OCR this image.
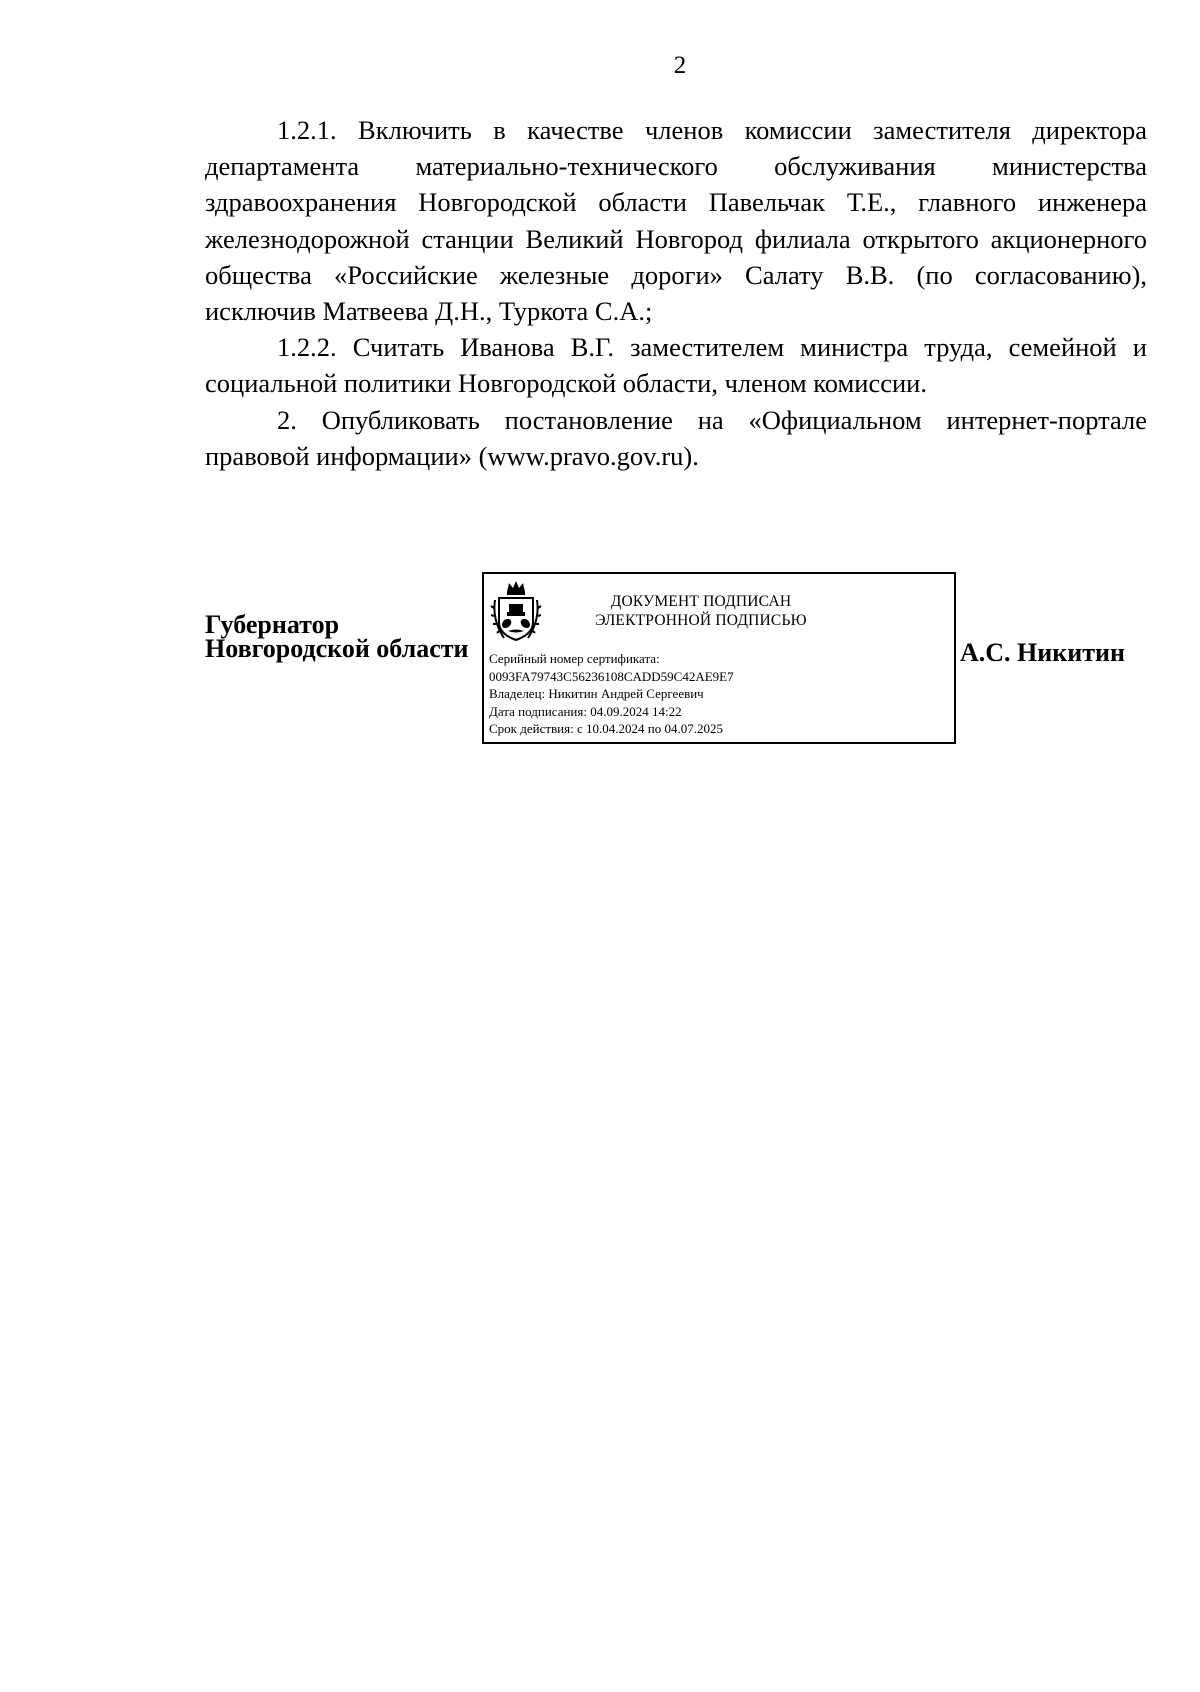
2

1.2.1. Включить в качестве членов комиссии заместителя директора департамента материально-технического обслуживания министерства здравоохранения Новгородской области Павельчак Т.Е., главного инженера железнодорожной станции Великий Новгород филиала открытого акционерного общества «Российские железные дороги» Салату В.В. (по согласованию), исключив Матвеева Д.Н., Туркота С.А.;

1.2.2. Считать Иванова В.Г. заместителем министра труда, семейной и социальной политики Новгородской области, членом комиссии.

2. Опубликовать постановление на «Официальном интернет-портале правовой информации» (www.pravo.gov.ru).

Губернатор
Новгородской области
ДОКУМЕНТ ПОДПИСАН
ЭЛЕКТРОННОЙ ПОДПИСЬЮ
Серийный номер сертификата:
0093FA79743C56236108CADD59C42AE9E7
Владелец: Никитин Андрей Сергеевич
Дата подписания: 04.09.2024 14:22
Срок действия: с 10.04.2024 по 04.07.2025
А.С. Никитин
